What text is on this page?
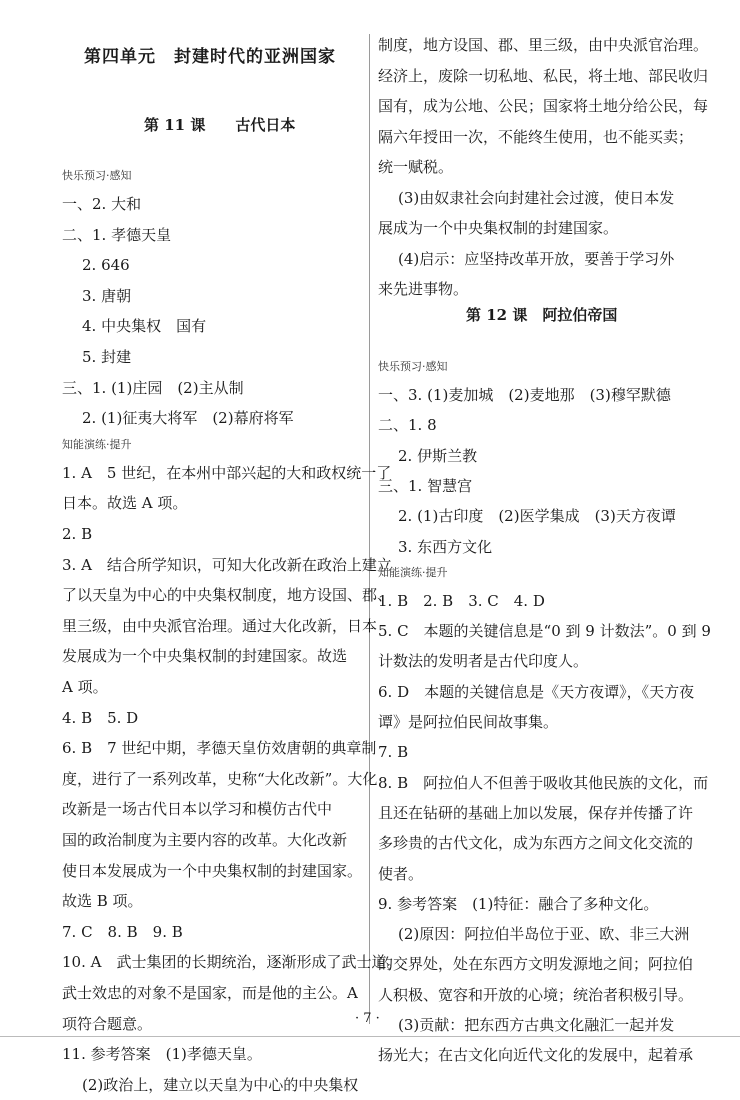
第四单元　封建时代的亚洲国家
第 11 课　　古代日本
快乐预习·感知
一、2. 大和
二、1. 孝德天皇
2. 646
3. 唐朝
4. 中央集权　国有
5. 封建
三、1. (1)庄园　(2)主从制
2. (1)征夷大将军　(2)幕府将军
知能演练·提升
1. A　5 世纪，在本州中部兴起的大和政权统一了
日本。故选 A 项。
2. B
3. A　结合所学知识，可知大化改新在政治上建立
了以天皇为中心的中央集权制度，地方设国、郡、
里三级，由中央派官治理。通过大化改新，日本
发展成为一个中央集权制的封建国家。故选
A 项。
4. B　5. D
6. B　7 世纪中期，孝德天皇仿效唐朝的典章制
度，进行了一系列改革，史称“大化改新”。大化
改新是一场古代日本以学习和模仿古代中
国的政治制度为主要内容的改革。大化改新
使日本发展成为一个中央集权制的封建国家。
故选 B 项。
7. C　8. B　9. B
10. A　武士集团的长期统治，逐渐形成了武士道。
武士效忠的对象不是国家，而是他的主公。A
项符合题意。
11. 参考答案　(1)孝德天皇。
(2)政治上，建立以天皇为中心的中央集权
第 12 课　阿拉伯帝国
制度，地方设国、郡、里三级，由中央派官治理。
经济上，废除一切私地、私民，将土地、部民收归
国有，成为公地、公民；国家将土地分给公民，每
隔六年授田一次，不能终生使用，也不能买卖；
统一赋税。
(3)由奴隶社会向封建社会过渡，使日本发
展成为一个中央集权制的封建国家。
(4)启示：应坚持改革开放，要善于学习外
来先进事物。
快乐预习·感知
一、3. (1)麦加城　(2)麦地那　(3)穆罕默德
二、1. 8
2. 伊斯兰教
三、1. 智慧宫
2. (1)古印度　(2)医学集成　(3)天方夜谭
3. 东西方文化
知能演练·提升
1. B　2. B　3. C　4. D
5. C　本题的关键信息是“0 到 9 计数法”。0 到 9
计数法的发明者是古代印度人。
6. D　本题的关键信息是《天方夜谭》，《天方夜
谭》是阿拉伯民间故事集。
7. B
8. B　阿拉伯人不但善于吸收其他民族的文化，而
且还在钻研的基础上加以发展，保存并传播了许
多珍贵的古代文化，成为东西方之间文化交流的
使者。
9. 参考答案　(1)特征：融合了多种文化。
(2)原因：阿拉伯半岛位于亚、欧、非三大洲
的交界处，处在东西方文明发源地之间；阿拉伯
人积极、宽容和开放的心境；统治者积极引导。
(3)贡献：把东西方古典文化融汇一起并发
扬光大；在古文化向近代文化的发展中，起着承
· 7 ·
